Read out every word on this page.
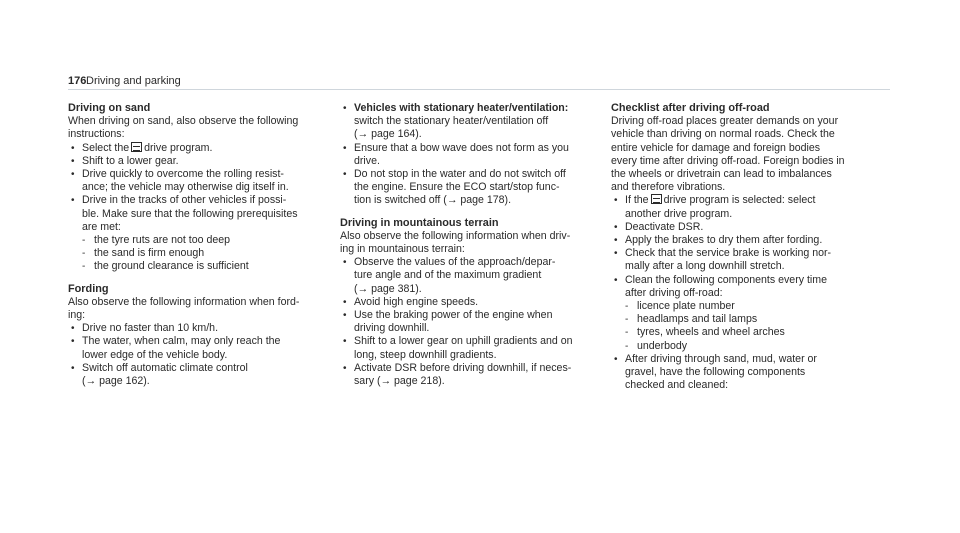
176 Driving and parking
Driving on sand

When driving on sand, also observe the following
instructions:

• Select the drive program.
• Shift to a lower gear.
• Drive quickly to overcome the rolling resist-
ance; the vehicle may otherwise dig itself in.
• Drive in the tracks of other vehicles if possi-
ble. Make sure that the following prerequisites
are met:
- the tyre ruts are not too deep
- the sand is firm enough
- the ground clearance is sufficient
Fording

Also observe the following information when ford-
ing:

• Drive no faster than 10 km/h.
• The water, when calm, may only reach the
lower edge of the vehicle body.
• Switch off automatic climate control
(→ page 162).
• Vehicles with stationary heater/ventilation:
switch the stationary heater/ventilation off
(→ page 164).
• Ensure that a bow wave does not form as you
drive.
• Do not stop in the water and do not switch off
the engine. Ensure the ECO start/stop func-
tion is switched off (→ page 178).
Driving in mountainous terrain

Also observe the following information when driv-
ing in mountainous terrain:

• Observe the values of the approach/depar-
ture angle and of the maximum gradient
(→ page 381).
• Avoid high engine speeds.
• Use the braking power of the engine when
driving downhill.
• Shift to a lower gear on uphill gradients and on
long, steep downhill gradients.
• Activate DSR before driving downhill, if neces-
sary (→ page 218).
Checklist after driving off-road

Driving off-road places greater demands on your
vehicle than driving on normal roads. Check the
entire vehicle for damage and foreign bodies
every time after driving off-road. Foreign bodies in
the wheels or drivetrain can lead to imbalances
and therefore vibrations.

• If the drive program is selected: select
another drive program.
• Deactivate DSR.
• Apply the brakes to dry them after fording.
• Check that the service brake is working nor-
mally after a long downhill stretch.
• Clean the following components every time
after driving off-road:
- licence plate number
- headlamps and tail lamps
- tyres, wheels and wheel arches
- underbody
• After driving through sand, mud, water or
gravel, have the following components
checked and cleaned:
